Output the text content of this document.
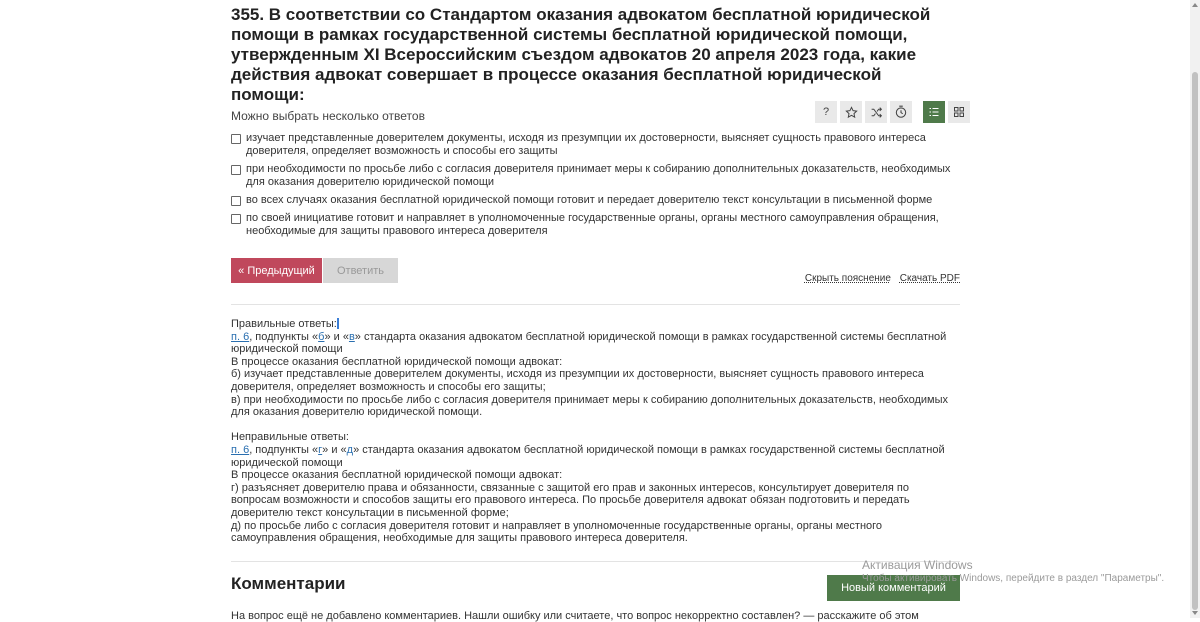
355. В соответствии со Стандартом оказания адвокатом бесплатной юридической помощи в рамках государственной системы бесплатной юридической помощи, утвержденным XI Всероссийским съездом адвокатов 20 апреля 2023 года, какие действия адвокат совершает в процессе оказания бесплатной юридической помощи:
Можно выбрать несколько ответов	?
изучает представленные доверителем документы, исходя из презумпции их достоверности, выясняет сущность правового интереса доверителя, определяет возможность и способы его защиты
при необходимости по просьбе либо с согласия доверителя принимает меры к собиранию дополнительных доказательств, необходимых для оказания доверителю юридической помощи
во всех случаях оказания бесплатной юридической помощи готовит и передает доверителю текст консультации в письменной форме
по своей инициативе готовит и направляет в уполномоченные государственные органы, органы местного самоуправления обращения, необходимые для защиты правового интереса доверителя
« Предыдущий	Ответить
Скрыть пояснение Скачать PDF

Правильные ответы:

п. 6, подпункты «б» и «в» стандарта оказания адвокатом бесплатной юридической помощи в рамках государственной системы бесплатной юридической помощи

В процессе оказания бесплатной юридической помощи адвокат:

б) изучает представленные доверителем документы, исходя из презумпции их достоверности, выясняет сущность правового интереса доверителя, определяет возможность и способы его защиты;

в) при необходимости по просьбе либо с согласия доверителя принимает меры к собиранию дополнительных доказательств, необходимых для оказания доверителю юридической помощи.

Неправильные ответы:

п. 6, подпункты «г» и «д» стандарта оказания адвокатом бесплатной юридической помощи в рамках государственной системы бесплатной юридической помощи

В процессе оказания бесплатной юридической помощи адвокат:

г) разъясняет доверителю права и обязанности, связанные с защитой его прав и законных интересов, консультирует доверителя по вопросам возможности и способов защиты его правового интереса. По просьбе доверителя адвокат обязан подготовить и передать доверителю текст консультации в письменной форме;

д) по просьбе либо с согласия доверителя готовит и направляет в уполномоченные государственные органы, органы местного самоуправления обращения, необходимые для защиты правового интереса доверителя.

Комментарии	Новый комментарий
На вопрос ещё не добавлено комментариев. Нашли ошибку или считаете, что вопрос некорректно составлен? — расскажите об этом
Активация Windows
Чтобы активировать Windows, перейдите в раздел "Параметры".
